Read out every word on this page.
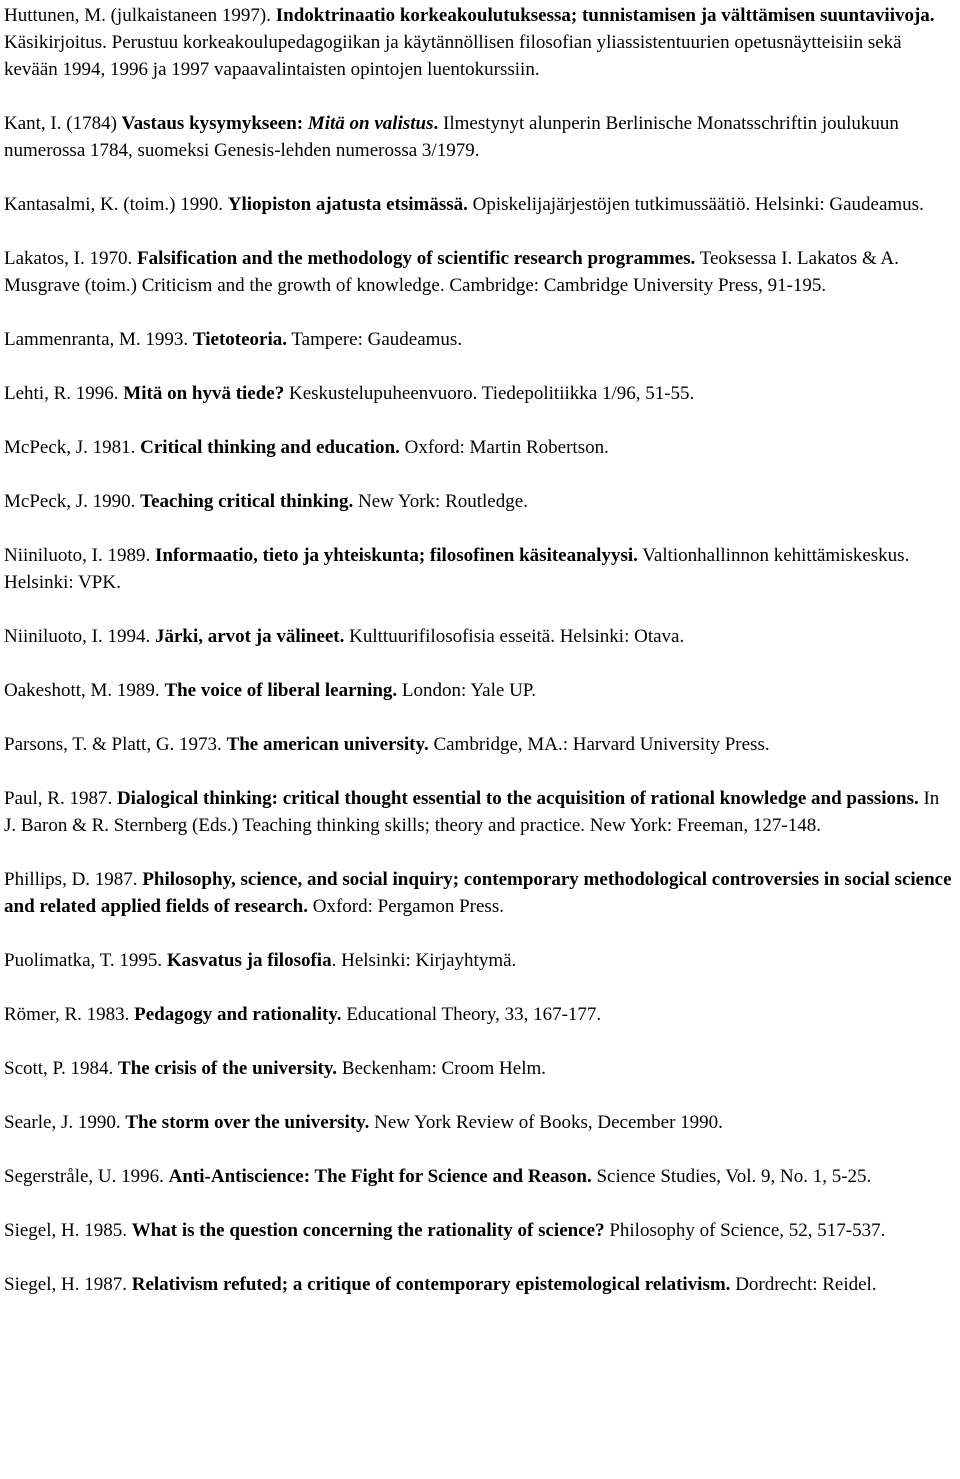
Huttunen, M. (julkaistaneen 1997). Indoktrinaatio korkeakoulutuksessa; tunnistamisen ja välttämisen suuntaviivoja. Käsikirjoitus. Perustuu korkeakoulupedagogiikan ja käytännöllisen filosofian yliassistentuurien opetusnäytteisiin sekä kevään 1994, 1996 ja 1997 vapaavalintaisten opintojen luentokurssiin.

Kant, I. (1784) Vastaus kysymykseen: Mitä on valistus. Ilmestynyt alunperin Berlinische Monatsschriftin joulukuun numerossa 1784, suomeksi Genesis-lehden numerossa 3/1979.

Kantasalmi, K. (toim.) 1990. Yliopiston ajatusta etsimässä. Opiskelijajärjestöjen tutkimussäätiö. Helsinki: Gaudeamus.

Lakatos, I. 1970. Falsification and the methodology of scientific research programmes. Teoksessa I. Lakatos & A. Musgrave (toim.) Criticism and the growth of knowledge. Cambridge: Cambridge University Press, 91-195.

Lammenranta, M. 1993. Tietoteoria. Tampere: Gaudeamus.

Lehti, R. 1996. Mitä on hyvä tiede? Keskustelupuheenvuoro. Tiedepolitiikka 1/96, 51-55.

McPeck, J. 1981. Critical thinking and education. Oxford: Martin Robertson.

McPeck, J. 1990. Teaching critical thinking. New York: Routledge.

Niiniluoto, I. 1989. Informaatio, tieto ja yhteiskunta; filosofinen käsiteanalyysi. Valtionhallinnon kehittämiskeskus. Helsinki: VPK.

Niiniluoto, I. 1994. Järki, arvot ja välineet. Kulttuurifilosofisia esseitä. Helsinki: Otava.

Oakeshott, M. 1989. The voice of liberal learning. London: Yale UP.

Parsons, T. & Platt, G. 1973. The american university. Cambridge, MA.: Harvard University Press.

Paul, R. 1987. Dialogical thinking: critical thought essential to the acquisition of rational knowledge and passions. In J. Baron & R. Sternberg (Eds.) Teaching thinking skills; theory and practice. New York: Freeman, 127-148.

Phillips, D. 1987. Philosophy, science, and social inquiry; contemporary methodological controversies in social science and related applied fields of research. Oxford: Pergamon Press.

Puolimatka, T. 1995. Kasvatus ja filosofia. Helsinki: Kirjayhtymä.

Römer, R. 1983. Pedagogy and rationality. Educational Theory, 33, 167-177.

Scott, P. 1984. The crisis of the university. Beckenham: Croom Helm.

Searle, J. 1990. The storm over the university. New York Review of Books, December 1990.

Segerstråle, U. 1996. Anti-Antiscience: The Fight for Science and Reason. Science Studies, Vol. 9, No. 1, 5-25.

Siegel, H. 1985. What is the question concerning the rationality of science? Philosophy of Science, 52, 517-537.

Siegel, H. 1987. Relativism refuted; a critique of contemporary epistemological relativism. Dordrecht: Reidel.
